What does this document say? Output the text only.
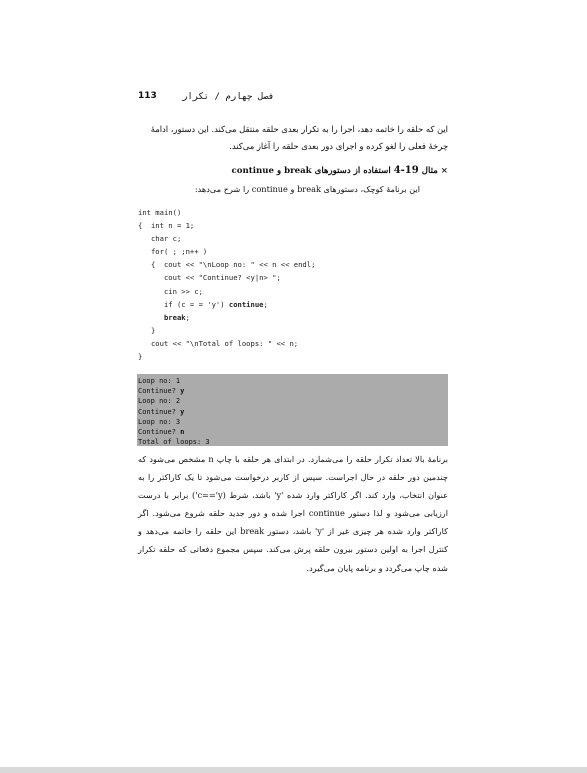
113	فصل چهارم / تکرار
این که حلقه را خاتمه دهد، اجرا را به تکرار بعدی حلقه منتقل می‌کند. این دستور، ادامهٔ چرخهٔ فعلی را لغو کرده و اجرای دور بعدی حلقه را آغاز می‌کند.
× مثال 4-19 استفاده از دستورهای break و continue
این برنامهٔ کوچک، دستورهای break و continue را شرح می‌دهد:
int main()
{  int n = 1;
char c;
for( ; ;n++ )
{  cout << "\nLoop no: " << n << endl;
cout << "Continue? <y|n> ";
cin >> c;
if (c = = 'y') continue;
break;
}
cout << "\nTotal of loops: " << n;
}
Loop no: 1
Continue? y
Loop no: 2
Continue? y
Loop no: 3
Continue? n
Total of loops: 3
برنامهٔ بالا تعداد تکرار حلقه را می‌شمارد. در ابتدای هر حلقه با چاپ n مشخص می‌شود که چندمین دور حلقه در حال اجراست. سپس از کاربر درخواست می‌شود تا یک کاراکتر را به عنوان انتخاب، وارد کند. اگر کاراکتر وارد شده 'y' باشد، شرط (c=='y') برابر با درست ارزیابی می‌شود و لذا دستور continue اجرا شده و دور جدید حلقه شروع می‌شود. اگر کاراکتر وارد شده هر چیزی غیر از 'y' باشد، دستور break این حلقه را خاتمه می‌دهد و کنترل اجرا به اولین دستور بیرون حلقه پرش می‌کند. سپس مجموع دفعاتی که حلقه تکرار شده چاپ می‌گردد و برنامه پایان می‌گیرد.
